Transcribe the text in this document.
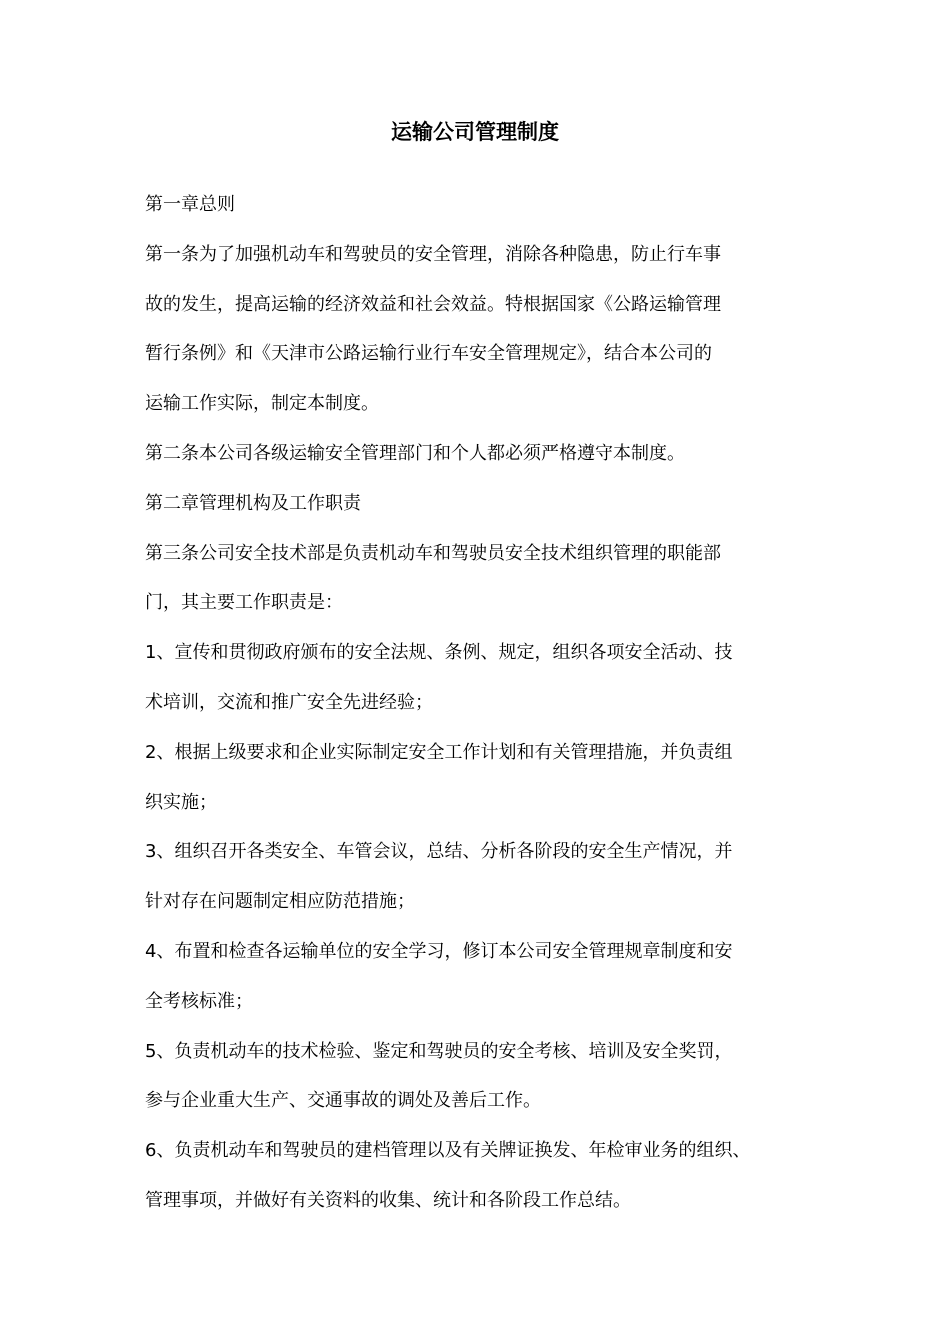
运输公司管理制度

第一章总则

第一条为了加强机动车和驾驶员的安全管理，消除各种隐患，防止行车事

故的发生，提高运输的经济效益和社会效益。特根据国家《公路运输管理

暂行条例》和《天津市公路运输行业行车安全管理规定》，结合本公司的

运输工作实际，制定本制度。

第二条本公司各级运输安全管理部门和个人都必须严格遵守本制度。

第二章管理机构及工作职责

第三条公司安全技术部是负责机动车和驾驶员安全技术组织管理的职能部

门，其主要工作职责是：

1、宣传和贯彻政府颁布的安全法规、条例、规定，组织各项安全活动、技

术培训，交流和推广安全先进经验；

2、根据上级要求和企业实际制定安全工作计划和有关管理措施，并负责组

织实施；

3、组织召开各类安全、车管会议，总结、分析各阶段的安全生产情况，并

针对存在问题制定相应防范措施；

4、布置和检查各运输单位的安全学习，修订本公司安全管理规章制度和安

全考核标准；

5、负责机动车的技术检验、鉴定和驾驶员的安全考核、培训及安全奖罚，

参与企业重大生产、交通事故的调处及善后工作。

6、负责机动车和驾驶员的建档管理以及有关牌证换发、年检审业务的组织、

管理事项，并做好有关资料的收集、统计和各阶段工作总结。
